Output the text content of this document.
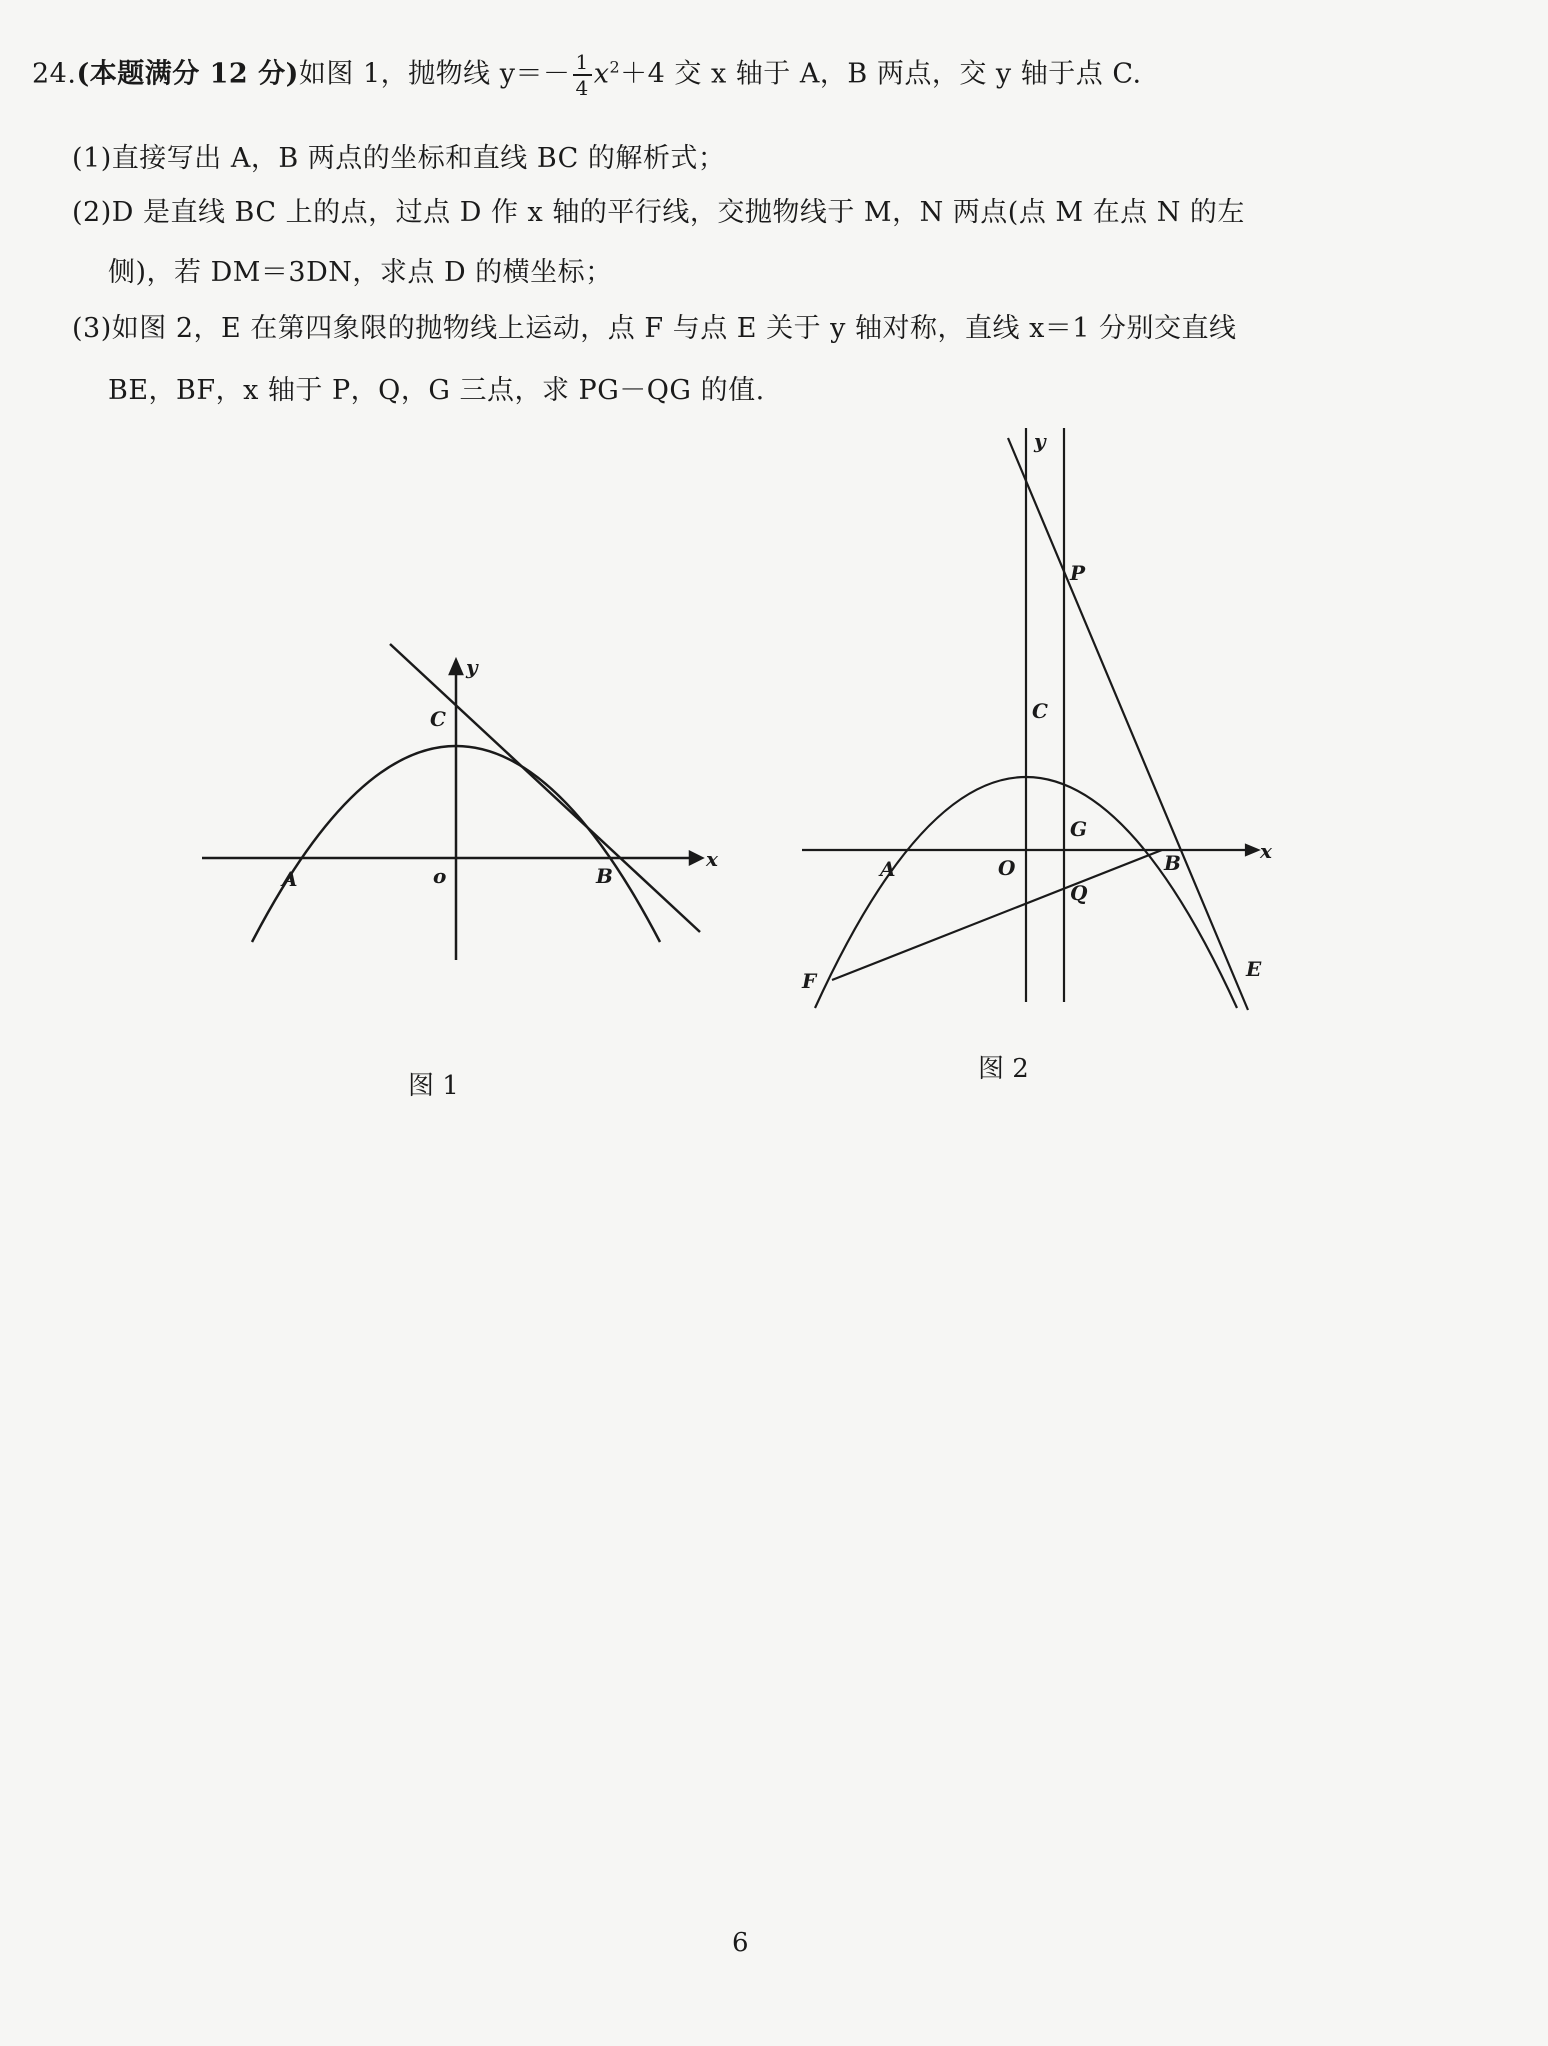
24.(本题满分 12 分)如图 1，抛物线 $y=- \frac{1}{4} x^2+4$ 交 x 轴于 A，B 两点，交 y 轴于点 C.
(1)直接写出 A，B 两点的坐标和直线 BC 的解析式；
(2)D 是直线 BC 上的点，过点 D 作 x 轴的平行线，交抛物线于 M，N 两点(点 M 在点 N 的左
侧)，若 DM＝3DN，求点 D 的横坐标；
(3)如图 2，E 在第四象限的抛物线上运动，点 F 与点 E 关于 y 轴对称，直线 x＝1 分别交直线
BE，BF，x 轴于 P，Q，G 三点，求 PG－QG 的值.
y
x
C
A	o	B
图 1
y
x
P
C
G
A	O	B
Q
E
F
图 2
6
